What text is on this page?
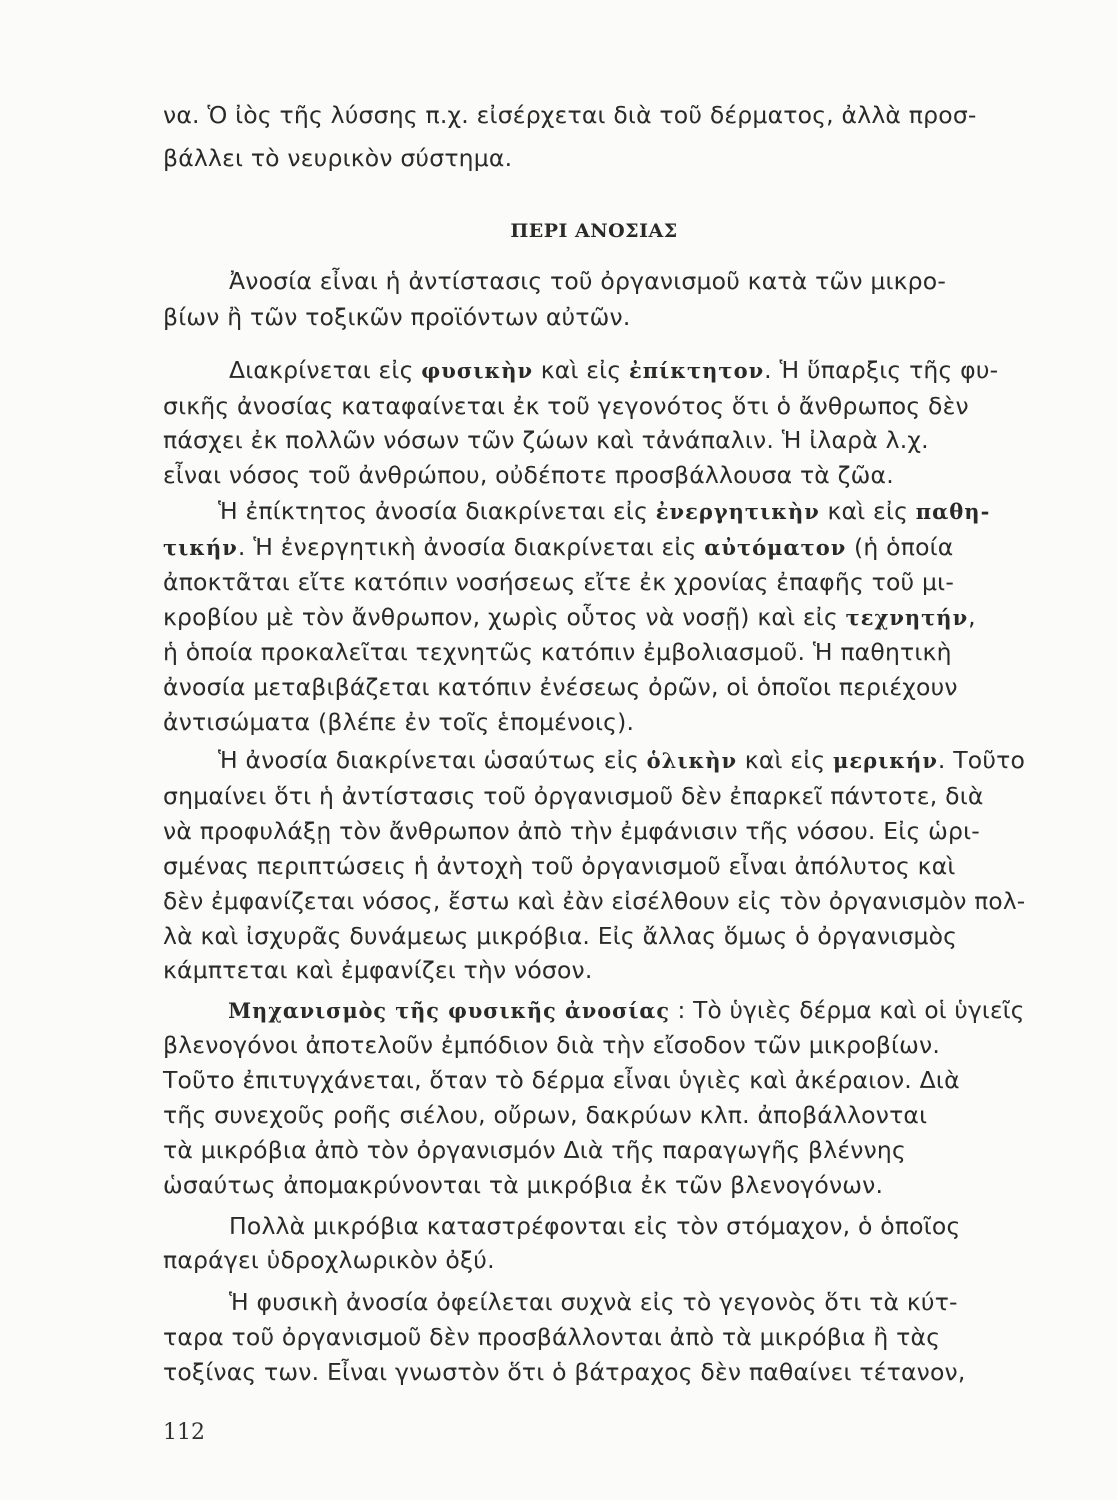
να. Ὁ ἰὸς τῆς λύσσης π.χ. εἰσέρχεται διὰ τοῦ δέρματος, ἀλλὰ προσ-
βάλλει τὸ νευρικὸν σύστημα.
ΠΕΡΙ ΑΝΟΣΙΑΣ
Ἀνοσία εἶναι ἡ ἀντίστασις τοῦ ὀργανισμοῦ κατὰ τῶν μικρο-
βίων ἢ τῶν τοξικῶν προϊόντων αὐτῶν.
Διακρίνεται εἰς φυσικὴν καὶ εἰς ἐπίκτητον. Ἡ ὕπαρξις τῆς φυ-
σικῆς ἀνοσίας καταφαίνεται ἐκ τοῦ γεγονότος ὅτι ὁ ἄνθρωπος δὲν
πάσχει ἐκ πολλῶν νόσων τῶν ζώων καὶ τἀνάπαλιν. Ἡ ἰλαρὰ λ.χ.
εἶναι νόσος τοῦ ἀνθρώπου, οὐδέποτε προσβάλλουσα τὰ ζῶα.
Ἡ ἐπίκτητος ἀνοσία διακρίνεται εἰς ἐνεργητικὴν καὶ εἰς παθη-
τικήν. Ἡ ἐνεργητικὴ ἀνοσία διακρίνεται εἰς αὐτόματον (ἡ ὁποία
ἀποκτᾶται εἴτε κατόπιν νοσήσεως εἴτε ἐκ χρονίας ἐπαφῆς τοῦ μι-
κροβίου μὲ τὸν ἄνθρωπον, χωρὶς οὗτος νὰ νοσῇ) καὶ εἰς τεχνητήν,
ἡ ὁποία προκαλεῖται τεχνητῶς κατόπιν ἐμβολιασμοῦ. Ἡ παθητικὴ
ἀνοσία μεταβιβάζεται κατόπιν ἐνέσεως ὀρῶν, οἱ ὁποῖοι περιέχουν
ἀντισώματα (βλέπε ἐν τοῖς ἑπομένοις).
Ἡ ἀνοσία διακρίνεται ὡσαύτως εἰς ὁλικὴν καὶ εἰς μερικήν. Τοῦτο
σημαίνει ὅτι ἡ ἀντίστασις τοῦ ὀργανισμοῦ δὲν ἐπαρκεῖ πάντοτε, διὰ
νὰ προφυλάξῃ τὸν ἄνθρωπον ἀπὸ τὴν ἐμφάνισιν τῆς νόσου. Εἰς ὡρι-
σμένας περιπτώσεις ἡ ἀντοχὴ τοῦ ὀργανισμοῦ εἶναι ἀπόλυτος καὶ
δὲν ἐμφανίζεται νόσος, ἔστω καὶ ἐὰν εἰσέλθουν εἰς τὸν ὀργανισμὸν πολ-
λὰ καὶ ἰσχυρᾶς δυνάμεως μικρόβια. Εἰς ἄλλας ὅμως ὁ ὀργανισμὸς
κάμπτεται καὶ ἐμφανίζει τὴν νόσον.
Μηχανισμὸς τῆς φυσικῆς ἀνοσίας : Τὸ ὑγιὲς δέρμα καὶ οἱ ὑγιεῖς
βλενογόνοι ἀποτελοῦν ἐμπόδιον διὰ τὴν εἴσοδον τῶν μικροβίων.
Τοῦτο ἐπιτυγχάνεται, ὅταν τὸ δέρμα εἶναι ὑγιὲς καὶ ἀκέραιον. Διὰ
τῆς συνεχοῦς ροῆς σιέλου, οὔρων, δακρύων κλπ. ἀποβάλλονται
τὰ μικρόβια ἀπὸ τὸν ὀργανισμόν Διὰ τῆς παραγωγῆς βλέννης
ὡσαύτως ἀπομακρύνονται τὰ μικρόβια ἐκ τῶν βλενογόνων.
Πολλὰ μικρόβια καταστρέφονται εἰς τὸν στόμαχον, ὁ ὁποῖος
παράγει ὑδροχλωρικὸν ὀξύ.
Ἡ φυσικὴ ἀνοσία ὀφείλεται συχνὰ εἰς τὸ γεγονὸς ὅτι τὰ κύτ-
ταρα τοῦ ὀργανισμοῦ δὲν προσβάλλονται ἀπὸ τὰ μικρόβια ἢ τὰς
τοξίνας των. Εἶναι γνωστὸν ὅτι ὁ βάτραχος δὲν παθαίνει τέτανον,
112
